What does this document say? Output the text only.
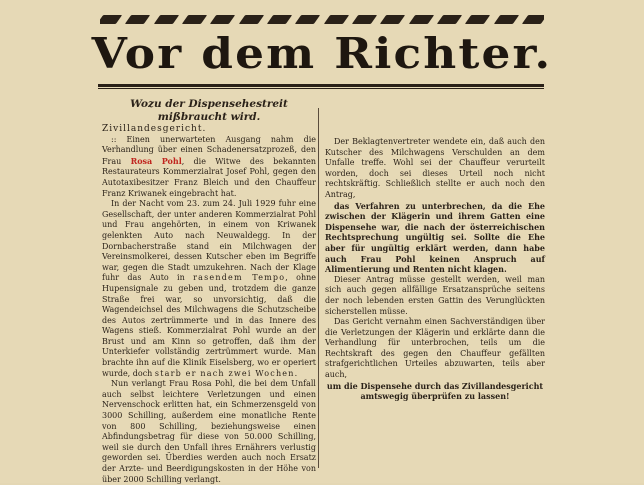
Vor dem Richter.

Wozu der Dispensehestreit mißbraucht wird.

Zivillandesgericht.

:: Einen unerwarteten Ausgang nahm die Verhandlung über einen Schadenersatzprozeß, den Frau Rosa Pohl, die Witwe des bekannten Restaurateurs Kommerzialrat Josef Pohl, gegen den Autotaxibesitzer Franz Bleich und den Chauffeur Franz Kriwanek eingebracht hat.

In der Nacht vom 23. zum 24. Juli 1929 fuhr eine Gesellschaft, der unter anderen Kommerzialrat Pohl und Frau angehörten, in einem von Kriwanek gelenkten Auto nach Neuwaldegg. In der Dornbacherstraße stand ein Milchwagen der Vereinsmolkerei, dessen Kutscher eben im Begriffe war, gegen die Stadt umzukehren. Nach der Klage fuhr das Auto in rasendem Tempo, ohne Hupensignale zu geben und, trotzdem die ganze Straße frei war, so unvorsichtig, daß die Wagendeichsel des Milchwagens die Schutzscheibe des Autos zertrümmerte und in das Innere des Wagens stieß. Kommerzialrat Pohl wurde an der Brust und am Kinn so getroffen, daß ihm der Unterkiefer vollständig zertrümmert wurde. Man brachte ihn auf die Klinik Eiselsberg, wo er operiert wurde, doch starb er nach zwei Wochen.

Nun verlangt Frau Rosa Pohl, die bei dem Unfall auch selbst leichtere Verletzungen und einen Nervenschock erlitten hat, ein Schmerzensgeld von 3000 Schilling, außerdem eine monatliche Rente von 800 Schilling, beziehungsweise einen Abfindungsbetrag für diese von 50.000 Schilling, weil sie durch den Unfall ihres Ernährers verlustig geworden sei. Überdies werden auch noch Ersatz der Arzte- und Beerdigungskosten in der Höhe von über 2000 Schilling verlangt.

Der Beklagtenvertreter wendete ein, daß auch den Kutscher des Milchwagens Verschulden an dem Unfalle treffe. Wohl sei der Chauffeur verurteilt worden, doch sei dieses Urteil noch nicht rechtskräftig. Schließlich stellte er auch noch den Antrag,

das Verfahren zu unterbrechen, da die Ehe zwischen der Klägerin und ihrem Gatten eine Dispensehe war, die nach der österreichischen Rechtsprechung ungültig sei. Sollte die Ehe aber für ungültig erklärt werden, dann habe auch Frau Pohl keinen Anspruch auf Alimentierung und Renten nicht klagen.

Dieser Antrag müsse gestellt werden, weil man sich auch gegen allfällige Ersatzansprüche seitens der noch lebenden ersten Gattin des Verunglückten sicherstellen müsse.

Das Gericht vernahm einen Sachverständigen über die Verletzungen der Klägerin und erklärte dann die Verhandlung für unterbrochen, teils um die Rechtskraft des gegen den Chauffeur gefällten strafgerichtlichen Urteiles abzuwarten, teils aber auch,

um die Dispensehe durch das Zivillandesgericht amtswegig überprüfen zu lassen!
